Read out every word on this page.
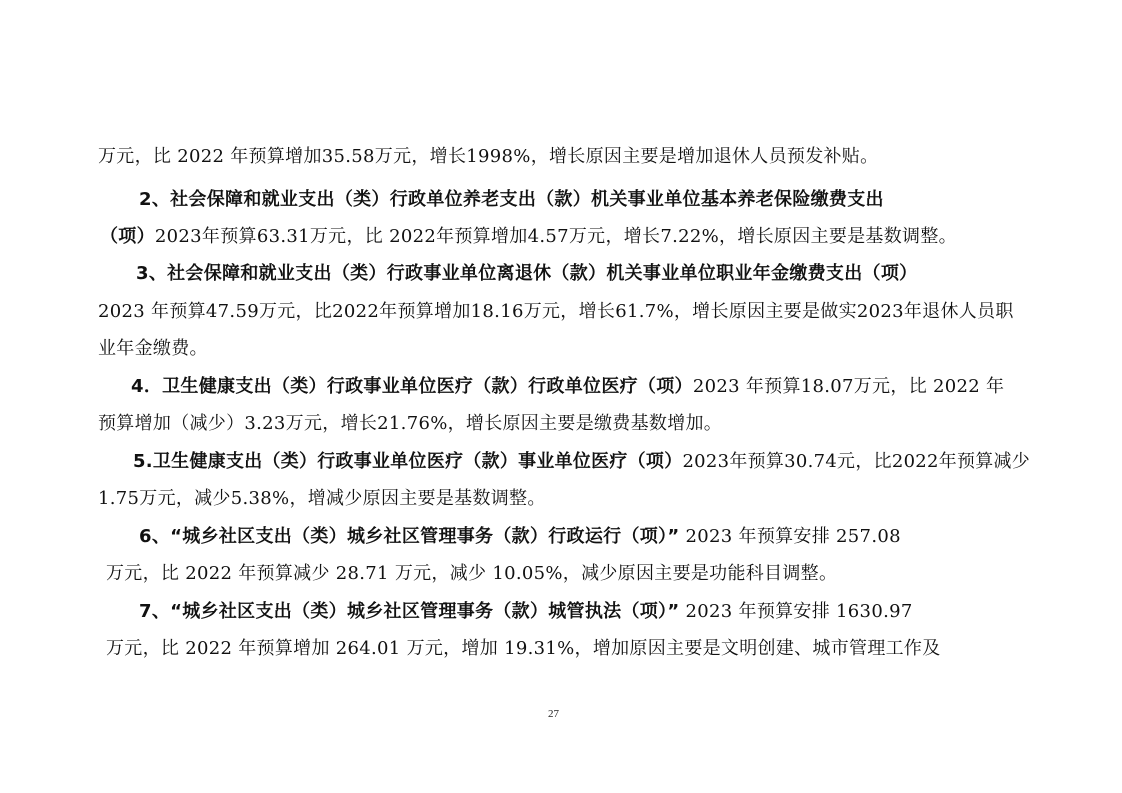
万元，比 2022 年预算增加35.58万元，增长1998%，增长原因主要是增加退休人员预发补贴。

2、社会保障和就业支出（类）行政单位养老支出（款）机关事业单位基本养老保险缴费支出

（项）2023年预算63.31万元，比 2022年预算增加4.57万元，增长7.22%，增长原因主要是基数调整。

3、社会保障和就业支出（类）行政事业单位离退休（款）机关事业单位职业年金缴费支出（项）

2023 年预算47.59万元，比2022年预算增加18.16万元，增长61.7%，增长原因主要是做实2023年退休人员职

业年金缴费。

4．卫生健康支出（类）行政事业单位医疗（款）行政单位医疗（项）2023 年预算18.07万元，比 2022 年

预算增加（减少）3.23万元，增长21.76%，增长原因主要是缴费基数增加。

5.卫生健康支出（类）行政事业单位医疗（款）事业单位医疗（项）2023年预算30.74元，比2022年预算减少

1.75万元，减少5.38%，增减少原因主要是基数调整。

6、“城乡社区支出（类）城乡社区管理事务（款）行政运行（项）” 2023 年预算安排 257.08

万元，比 2022 年预算减少 28.71 万元，减少 10.05%，减少原因主要是功能科目调整。

7、“城乡社区支出（类）城乡社区管理事务（款）城管执法（项）” 2023 年预算安排 1630.97

万元，比 2022 年预算增加 264.01 万元，增加 19.31%，增加原因主要是文明创建、城市管理工作及

27
